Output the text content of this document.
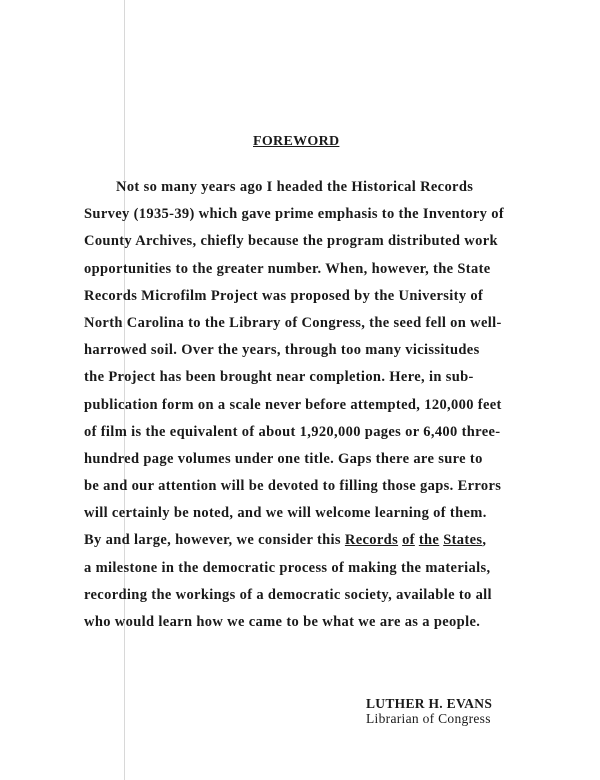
FOREWORD
Not so many years ago I headed the Historical Records
Survey (1935-39) which gave prime emphasis to the Inventory of
County Archives, chiefly because the program distributed work
opportunities to the greater number. When, however, the State
Records Microfilm Project was proposed by the University of
North Carolina to the Library of Congress, the seed fell on well-
harrowed soil. Over the years, through too many vicissitudes
the Project has been brought near completion. Here, in sub-
publication form on a scale never before attempted, 120,000 feet
of film is the equivalent of about 1,920,000 pages or 6,400 three-
hundred page volumes under one title. Gaps there are sure to
be and our attention will be devoted to filling those gaps. Errors
will certainly be noted, and we will welcome learning of them.
By and large, however, we consider this Records of the States,
a milestone in the democratic process of making the materials,
recording the workings of a democratic society, available to all
who would learn how we came to be what we are as a people.
LUTHER H. EVANS
Librarian of Congress
